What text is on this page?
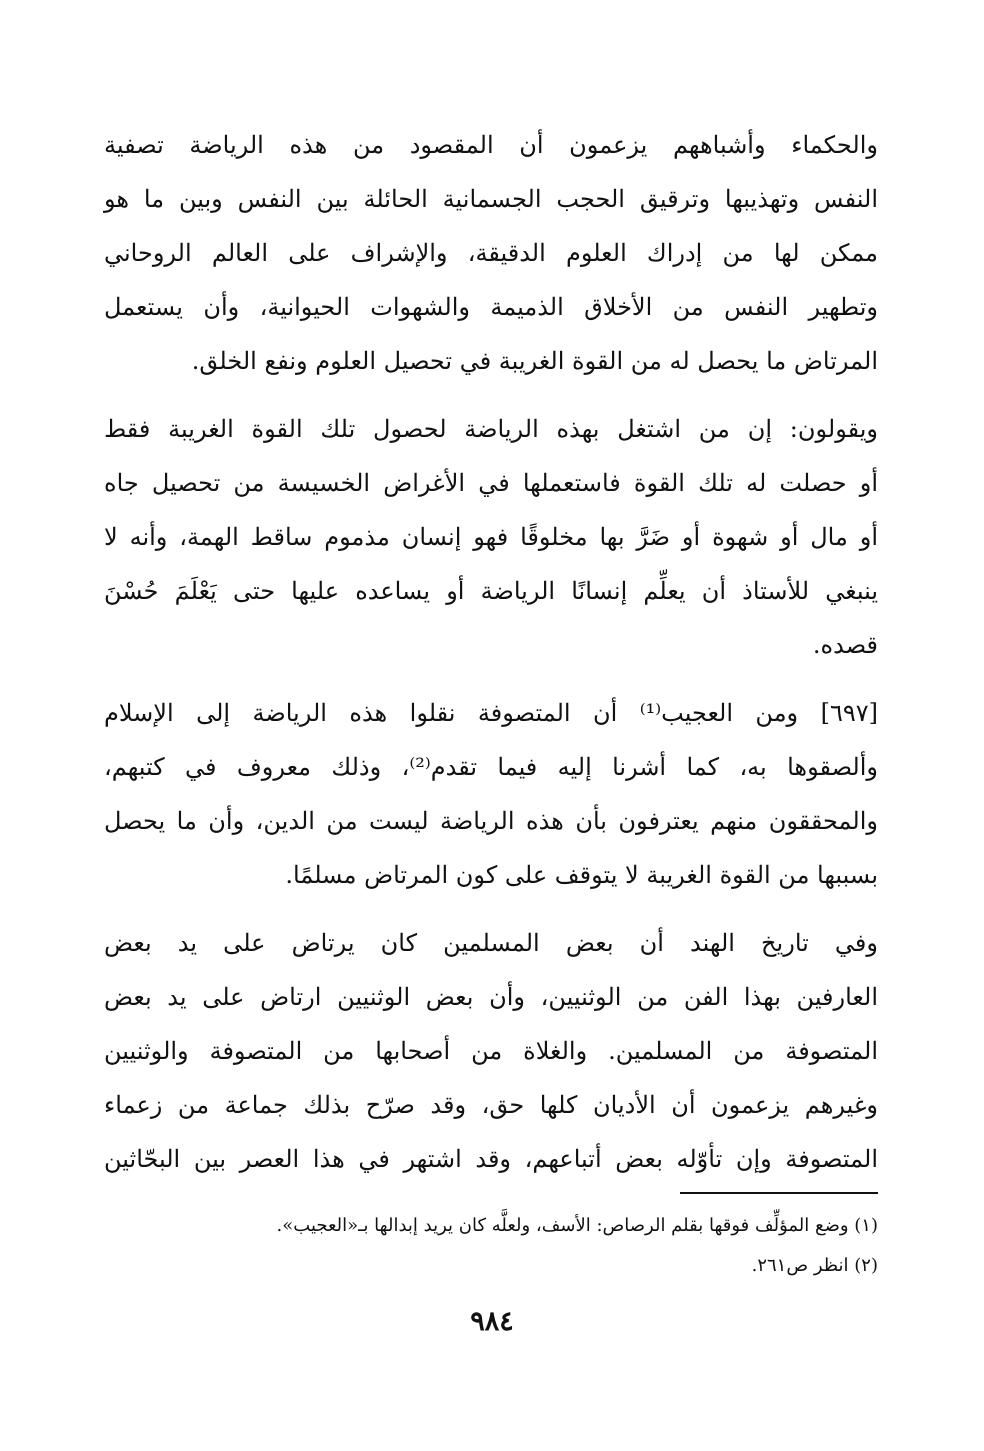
والحكماء وأشباههم يزعمون أن المقصود من هذه الرياضة تصفية
النفس وتهذيبها وترقيق الحجب الجسمانية الحائلة بين النفس وبين ما هو
ممكن لها من إدراك العلوم الدقيقة، والإشراف على العالم الروحاني
وتطهير النفس من الأخلاق الذميمة والشهوات الحيوانية، وأن يستعمل
المرتاض ما يحصل له من القوة الغريبة في تحصيل العلوم ونفع الخلق.
ويقولون: إن من اشتغل بهذه الرياضة لحصول تلك القوة الغريبة فقط
أو حصلت له تلك القوة فاستعملها في الأغراض الخسيسة من تحصيل جاه
أو مال أو شهوة أو ضَرَّ بها مخلوقًا فهو إنسان مذموم ساقط الهمة، وأنه لا
ينبغي للأستاذ أن يعلِّم إنسانًا الرياضة أو يساعده عليها حتى يَعْلَمَ حُسْنَ
قصده.
[٦٩٧] ومن العجيب⁽¹⁾ أن المتصوفة نقلوا هذه الرياضة إلى الإسلام
وألصقوها به، كما أشرنا إليه فيما تقدم⁽²⁾، وذلك معروف في كتبهم،
والمحققون منهم يعترفون بأن هذه الرياضة ليست من الدين، وأن ما يحصل
بسببها من القوة الغريبة لا يتوقف على كون المرتاض مسلمًا.
وفي تاريخ الهند أن بعض المسلمين كان يرتاض على يد بعض
العارفين بهذا الفن من الوثنيين، وأن بعض الوثنيين ارتاض على يد بعض
المتصوفة من المسلمين. والغلاة من أصحابها من المتصوفة والوثنيين
وغيرهم يزعمون أن الأديان كلها حق، وقد صرّح بذلك جماعة من زعماء
المتصوفة وإن تأوّله بعض أتباعهم، وقد اشتهر في هذا العصر بين البحّاثين
(١) وضع المؤلِّف فوقها بقلم الرصاص: الأسف، ولعلَّه كان يريد إبدالها بـ«العجيب».
(٢) انظر ص٢٦١.
٩٨٤
